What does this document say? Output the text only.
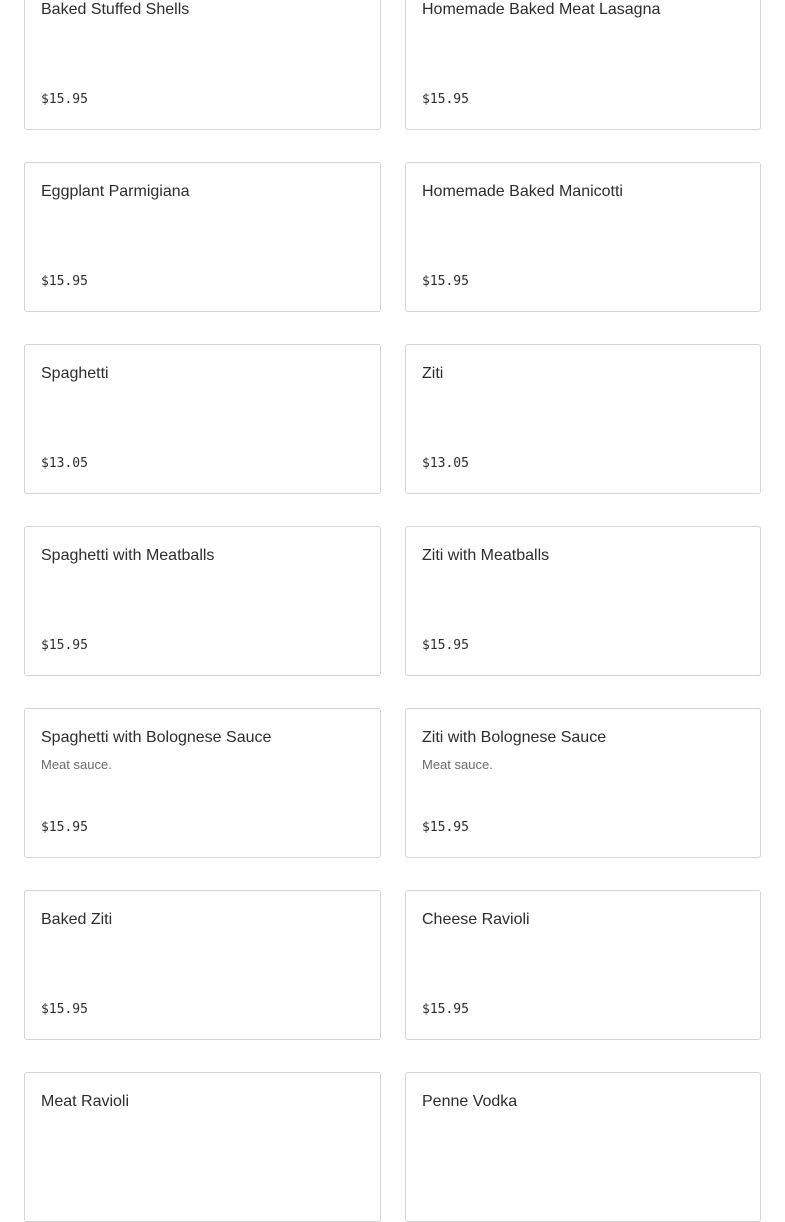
Baked Stuffed Shells
$15.95
Homemade Baked Meat Lasagna
$15.95
Eggplant Parmigiana
$15.95
Homemade Baked Manicotti
$15.95
Spaghetti
$13.05
Ziti
$13.05
Spaghetti with Meatballs
$15.95
Ziti with Meatballs
$15.95
Spaghetti with Bolognese Sauce
Meat sauce.
$15.95
Ziti with Bolognese Sauce
Meat sauce.
$15.95
Baked Ziti
$15.95
Cheese Ravioli
$15.95
Meat Ravioli	Penne Vodka
